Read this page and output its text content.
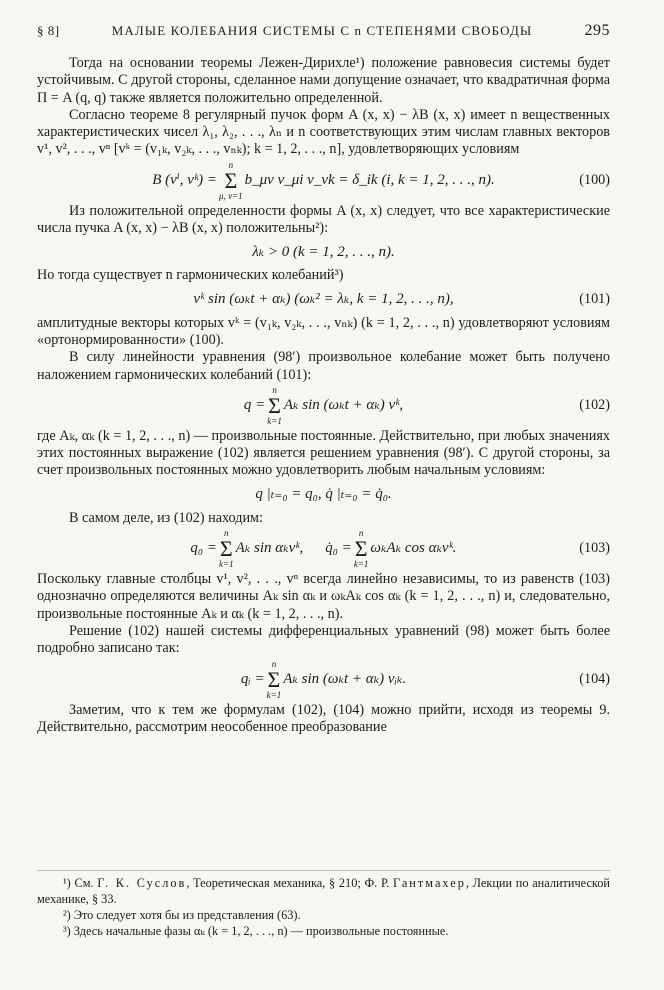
§ 8]	МАЛЫЕ КОЛЕБАНИЯ СИСТЕМЫ С n СТЕПЕНЯМИ СВОБОДЫ	295

Тогда на основании теоремы Лежен-Дирихле¹) положение равновесия системы будет устойчивым. С другой стороны, сделанное нами допущение означает, что квадратичная форма Π = A (q, q) также является положительно определенной.

Согласно теореме 8 регулярный пучок форм A (x, x) − λB (x, x) имеет n вещественных характеристических чисел λ₁, λ₂, . . ., λₙ и n соответствующих этим числам главных векторов v¹, v², . . ., vⁿ [vᵏ = (v₁ₖ, v₂ₖ, . . ., vₙₖ); k = 1, 2, . . ., n], удовлетворяющих условиям

B (vⁱ, vᵏ) =
n
Σ
μ, ν=1
b_μν v_μi v_νk = δ_ik (i, k = 1, 2, . . ., n).	(100)

Из положительной определенности формы A (x, x) следует, что все характеристические числа пучка A (x, x) − λB (x, x) положительны²):

λₖ > 0 (k = 1, 2, . . ., n).

Но тогда существует n гармонических колебаний³)

vᵏ sin (ωₖt + αₖ) (ωₖ² = λₖ, k = 1, 2, . . ., n),	(101)

амплитудные векторы которых vᵏ = (v₁ₖ, v₂ₖ, . . ., vₙₖ) (k = 1, 2, . . ., n) удовлетворяют условиям «ортонормированности» (100).

В силу линейности уравнения (98′) произвольное колебание может быть получено наложением гармонических колебаний (101):

q =
n
Σ
k=1
Aₖ sin (ωₖt + αₖ) vᵏ,	(102)

где Aₖ, αₖ (k = 1, 2, . . ., n) — произвольные постоянные. Действительно, при любых значениях этих постоянных выражение (102) является решением уравнения (98′). С другой стороны, за счет произвольных постоянных можно удовлетворить любым начальным условиям:

q |ₜ₌₀ = q₀, q̇ |ₜ₌₀ = q̇₀.

В самом деле, из (102) находим:

q₀ =
n
Σ
k=1
Aₖ sin αₖvᵏ, q̇₀ =
n
Σ
k=1
ωₖAₖ cos αₖvᵏ.	(103)

Поскольку главные столбцы v¹, v², . . ., vⁿ всегда линейно независимы, то из равенств (103) однозначно определяются величины Aₖ sin αₖ и ωₖAₖ cos αₖ (k = 1, 2, . . ., n) и, следовательно, произвольные постоянные Aₖ и αₖ (k = 1, 2, . . ., n).

Решение (102) нашей системы дифференциальных уравнений (98) может быть более подробно записано так:

qᵢ =
n
Σ
k=1
Aₖ sin (ωₖt + αₖ) vᵢₖ.	(104)

Заметим, что к тем же формулам (102), (104) можно прийти, исходя из теоремы 9. Действительно, рассмотрим неособенное преобразование

¹) См. Г. К. Суслов, Теоретическая механика, § 210; Ф. Р. Гантмахер, Лекции по аналитической механике, § 33.

²) Это следует хотя бы из представления (63).

³) Здесь начальные фазы αₖ (k = 1, 2, . . ., n) — произвольные постоянные.
